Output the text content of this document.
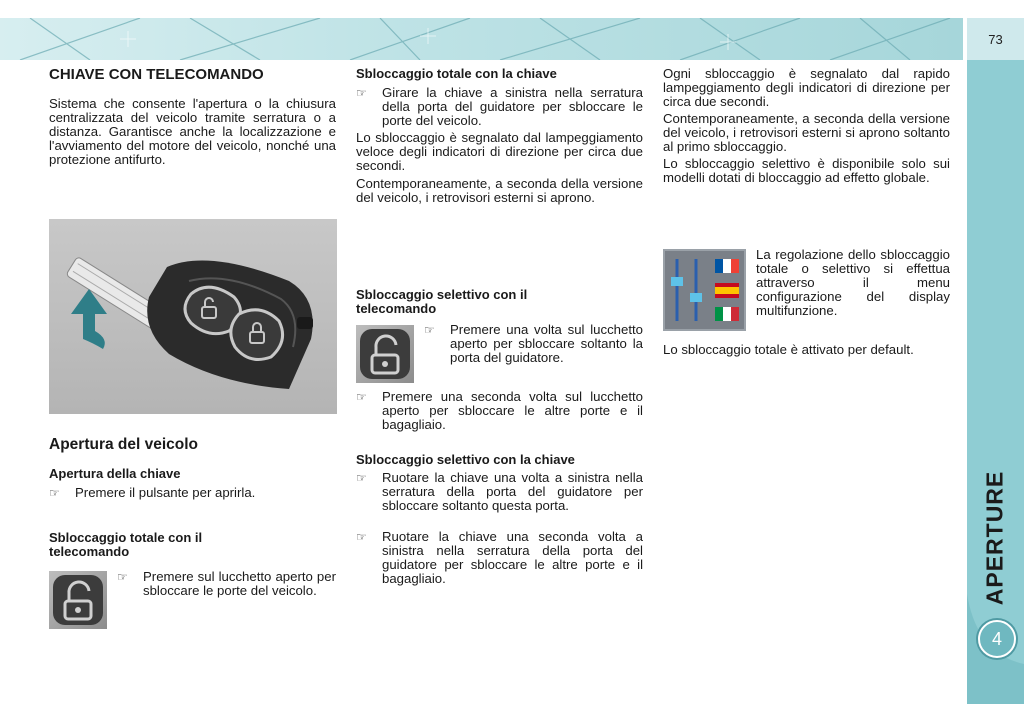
73
APERTURE
4
CHIAVE CON TELECOMANDO

Sistema che consente l'apertura o la chiusura centralizzata del veicolo tramite serratura o a distanza. Garantisce anche la localizzazione e l'avviamento del motore del veicolo, nonché una protezione antifurto.

Apertura del veicolo
Apertura della chiave
☞ Premere il pulsante per aprirla.
Sbloccaggio totale con il telecomando
☞ Premere sul lucchetto aperto per sbloccare le porte del veicolo.
Sbloccaggio totale con la chiave
☞ Girare la chiave a sinistra nella serratura della porta del guidatore per sbloccare le porte del veicolo.

Lo sbloccaggio è segnalato dal lampeggiamento veloce degli indicatori di direzione per circa due secondi.

Contemporaneamente, a seconda della versione del veicolo, i retrovisori esterni si aprono.

Sbloccaggio selettivo con il telecomando
☞ Premere una volta sul lucchetto aperto per sbloccare soltanto la porta del guidatore.
☞ Premere una seconda volta sul lucchetto aperto per sbloccare le altre porte e il bagagliaio.
Sbloccaggio selettivo con la chiave
☞ Ruotare la chiave una volta a sinistra nella serratura della porta del guidatore per sbloccare soltanto questa porta.
☞ Ruotare la chiave una seconda volta a sinistra nella serratura della porta del guidatore per sbloccare le altre porte e il bagagliaio.

Ogni sbloccaggio è segnalato dal rapido lampeggiamento degli indicatori di direzione per circa due secondi.

Contemporaneamente, a seconda della versione del veicolo, i retrovisori esterni si aprono soltanto al primo sbloccaggio.

Lo sbloccaggio selettivo è disponibile solo sui modelli dotati di bloccaggio ad effetto globale.

La regolazione dello sbloccaggio totale o selettivo si effettua attraverso il menu configurazione del display multifunzione.

Lo sbloccaggio totale è attivato per default.
